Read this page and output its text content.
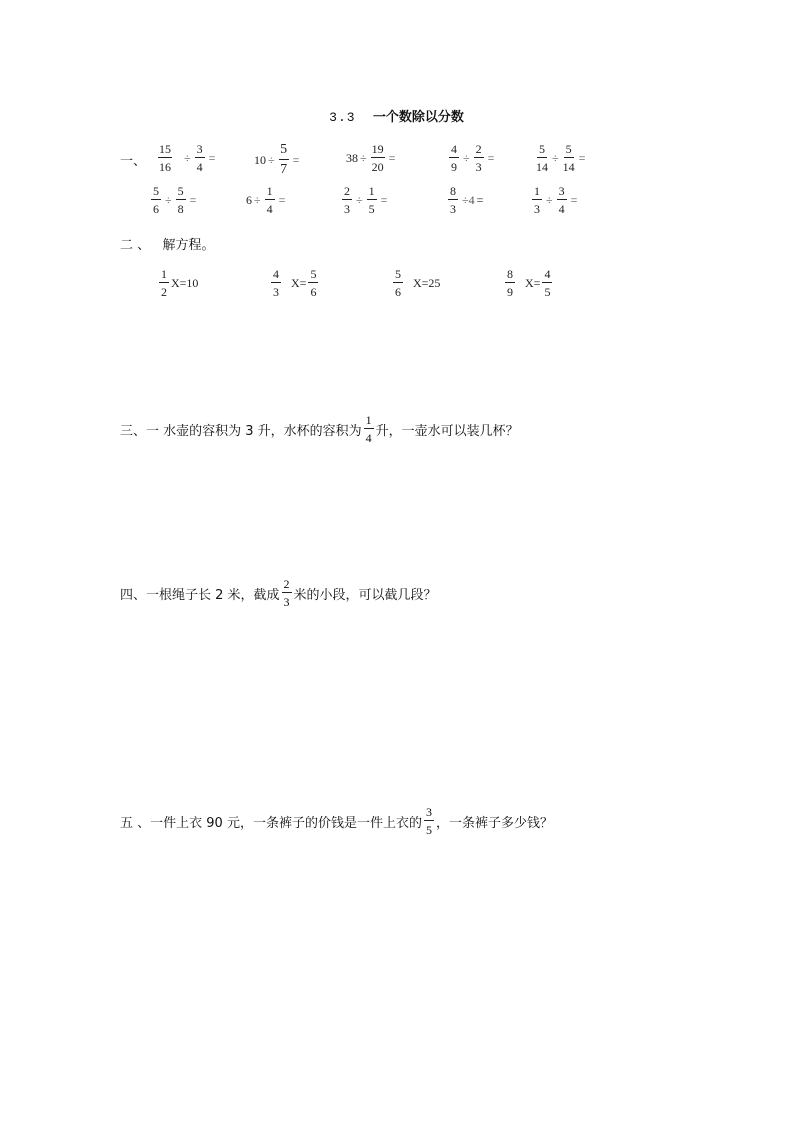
3.3 一个数除以分数
一、 $\frac{15}{16} \div \frac{3}{4}$ =	$10 \div \frac{5}{7}$ =	$38 \div \frac{19}{20}$ =	$\frac{4}{9} \div \frac{2}{3}$ =	$\frac{5}{14} \div \frac{5}{14}$ =
$\frac{5}{6} \div \frac{5}{8}$ =	$6 \div \frac{1}{4}$ =	$\frac{2}{3} \div \frac{1}{5}$ =	$\frac{8}{3} \div 4$ =	$\frac{1}{3} \div \frac{3}{4}$ =
二 、 解方程。
$\frac{1}{2} X=10$	$\frac{4}{3} X= \frac{5}{6}$	$\frac{5}{6} X=25$	$\frac{8}{9} X= \frac{4}{5}$
三、一 水壶的容积为 3 升，水杯的容积为 $\frac{1}{4}$ 升，一壶水可以装几杯？
四、一根绳子长 2 米，截成 $\frac{2}{3}$ 米的小段，可以截几段？
五 、一件上衣 90 元，一条裤子的价钱是一件上衣的 $\frac{3}{5}$ ，一条裤子多少钱？
